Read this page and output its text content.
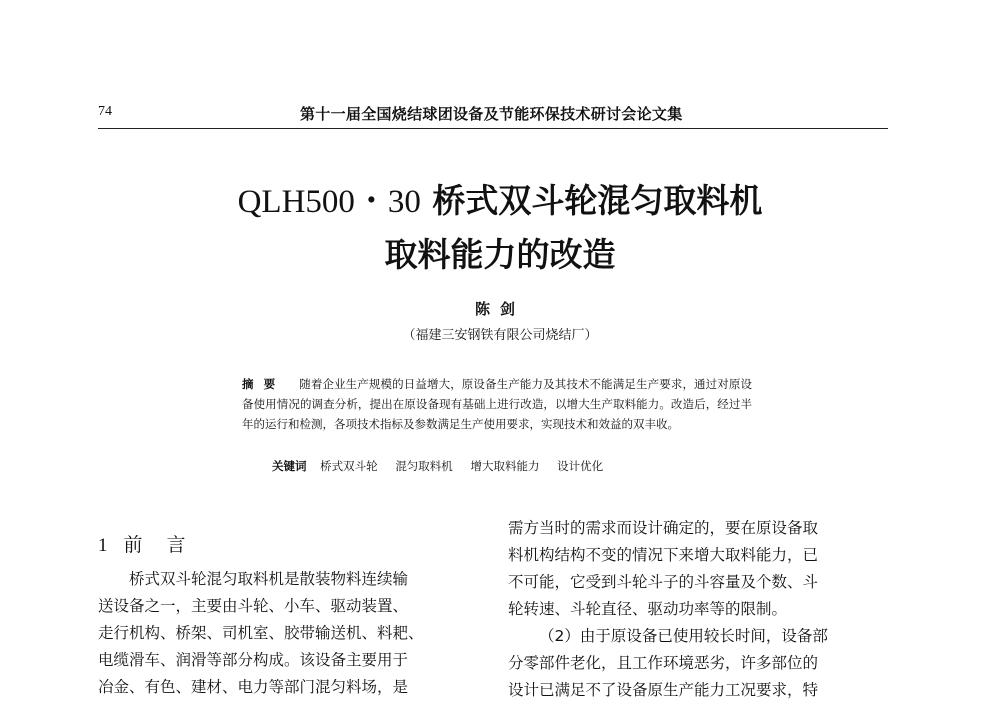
74	第十一届全国烧结球团设备及节能环保技术研讨会论文集
QLH500・30 桥式双斗轮混匀取料机
取料能力的改造
陈剑
（福建三安钢铁有限公司烧结厂）
摘要 随着企业生产规模的日益增大，原设备生产能力及其技术不能满足生产要求，通过对原设备使用情况的调查分析，提出在原设备现有基础上进行改造，以增大生产取料能力。改造后，经过半年的运行和检测，各项技术指标及参数满足生产使用要求，实现技术和效益的双丰收。
关键词 桥式双斗轮 混匀取料机 增大取料能力 设计优化
1 前言
桥式双斗轮混匀取料机是散装物料连续输
送设备之一，主要由斗轮、小车、驱动装置、
走行机构、桥架、司机室、胶带输送机、料耙、
电缆滑车、润滑等部分构成。该设备主要用于
冶金、有色、建材、电力等部门混匀料场，是
需方当时的需求而设计确定的，要在原设备取
料机构结构不变的情况下来增大取料能力，已
不可能，它受到斗轮斗子的斗容量及个数、斗
轮转速、斗轮直径、驱动功率等的限制。
（2）由于原设备已使用较长时间，设备部
分零部件老化，且工作环境恶劣，许多部位的
设计已满足不了设备原生产能力工况要求，特
